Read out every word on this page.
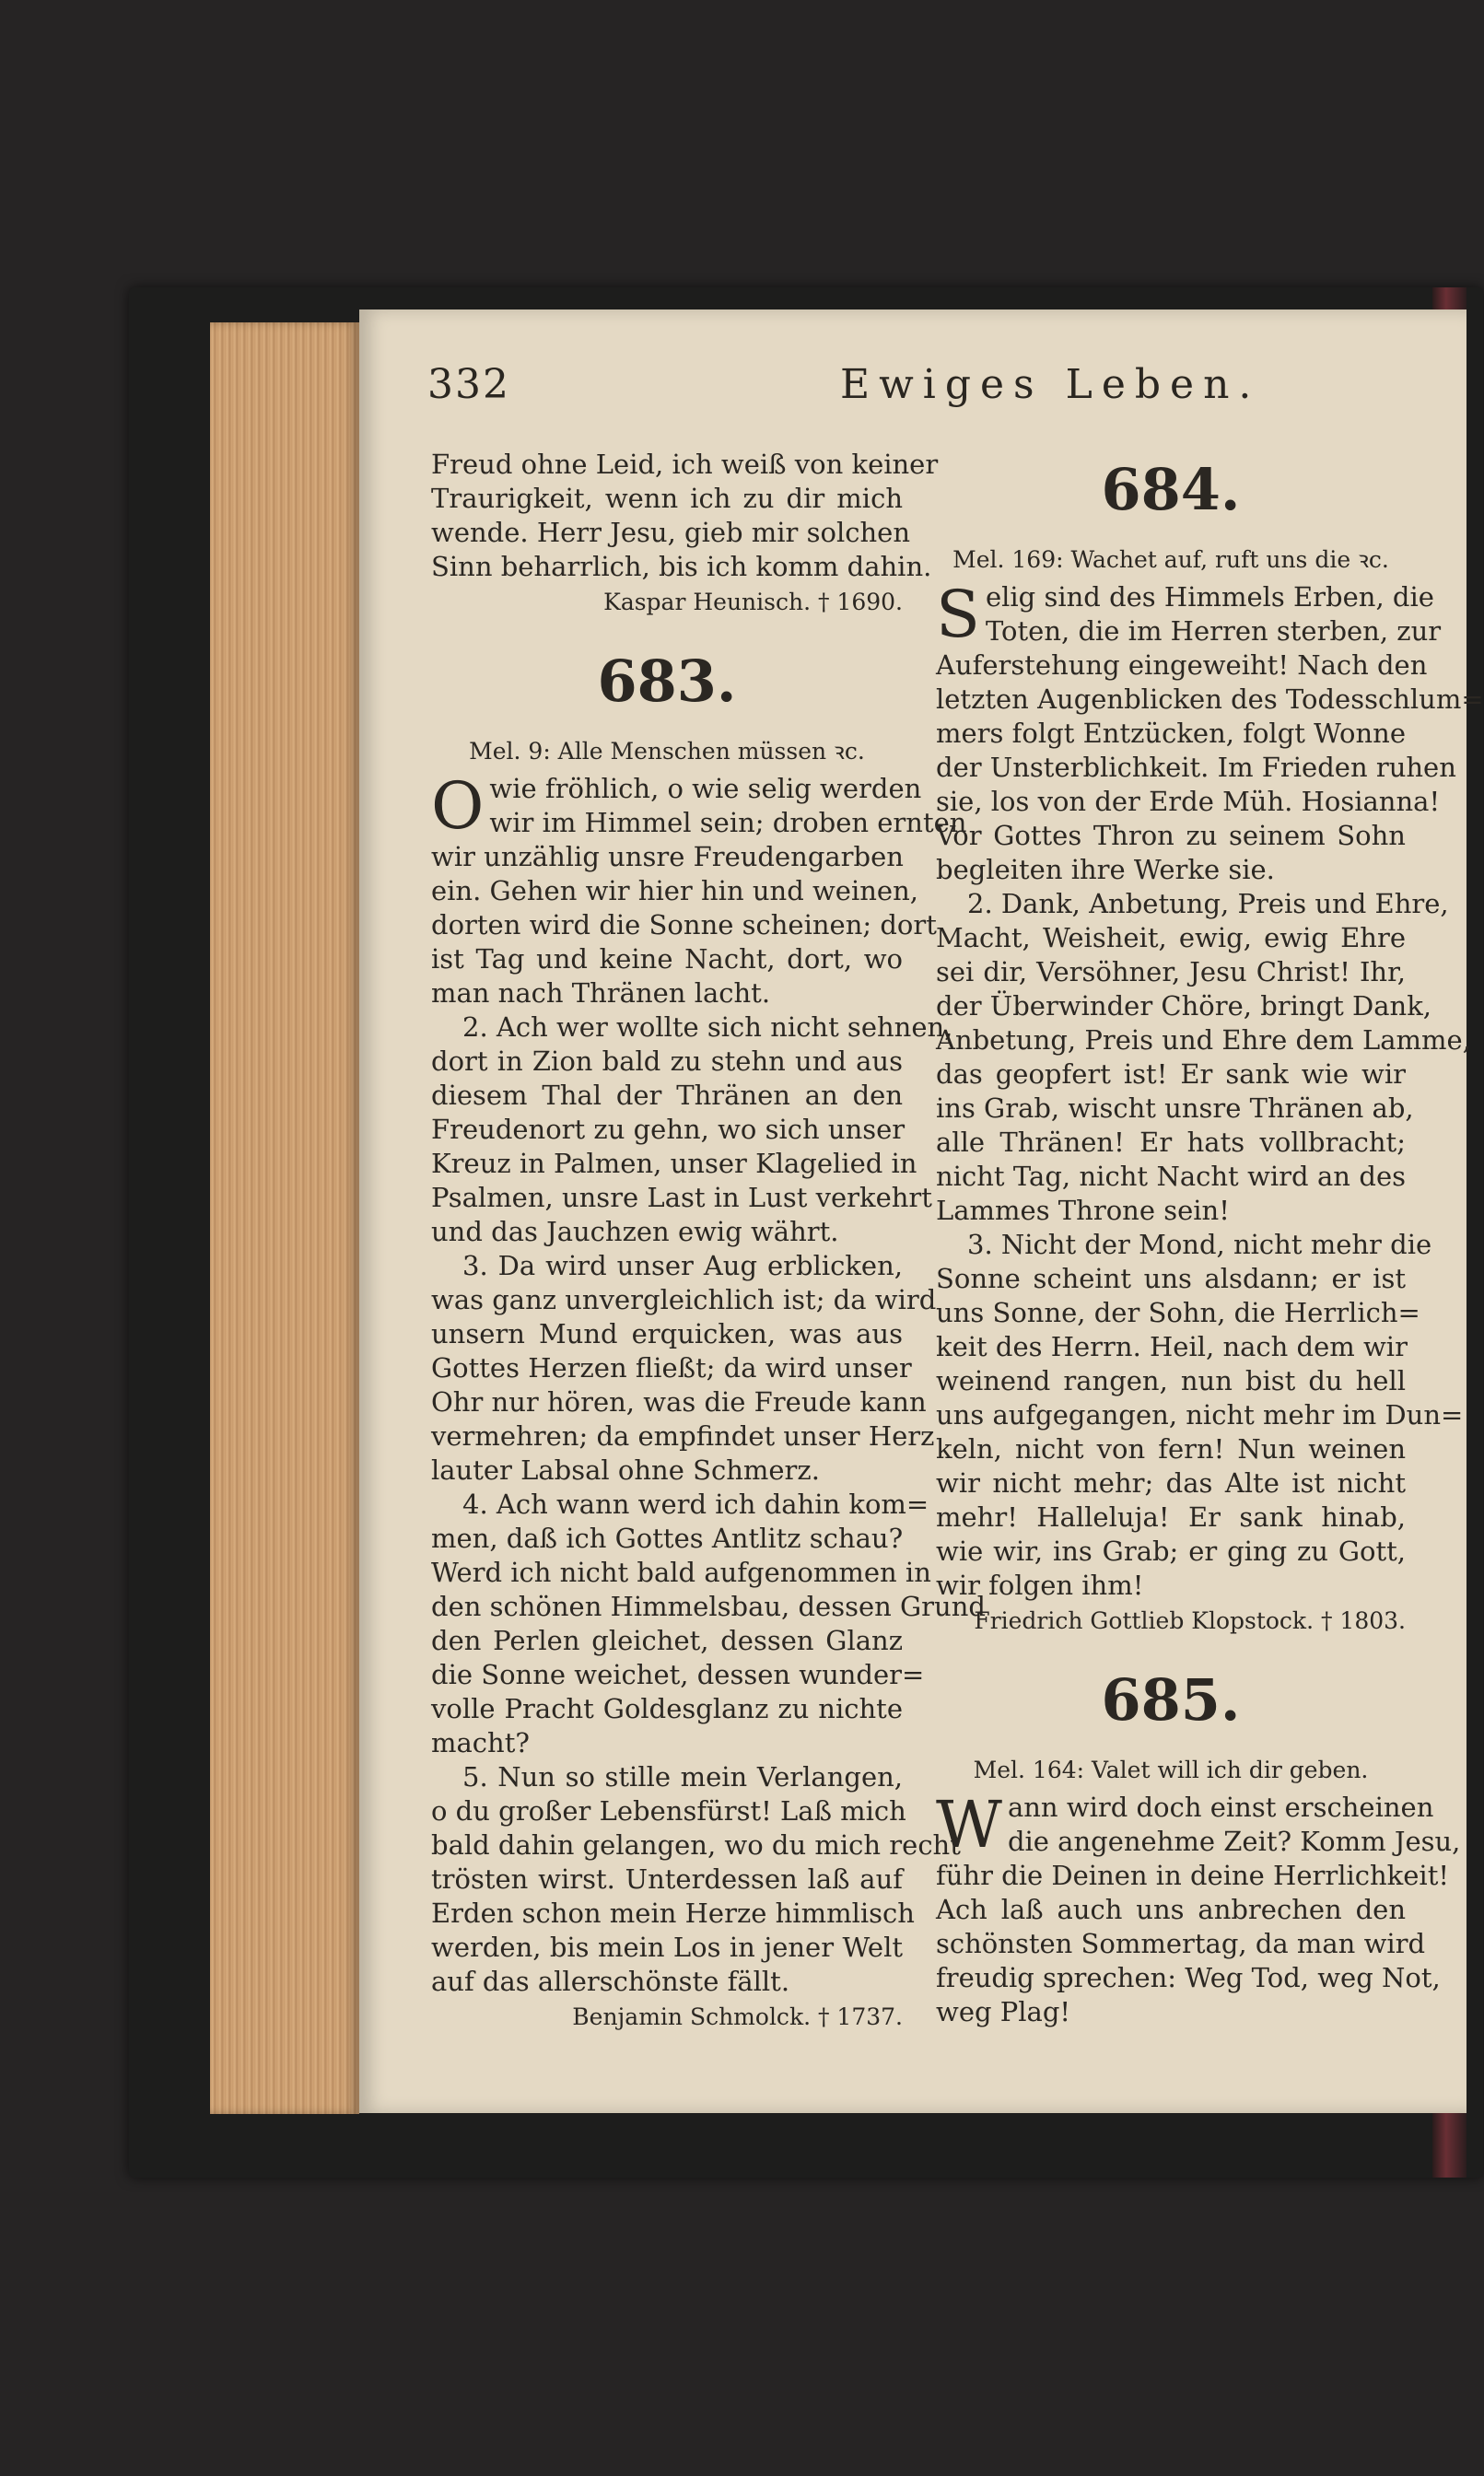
332	Ewiges Leben.
Freud ohne Leid, ich weiß von keiner
Traurigkeit, wenn ich zu dir mich
wende. Herr Jesu, gieb mir solchen
Sinn beharrlich, bis ich komm dahin.
Kaspar Heunisch. † 1690.
683.
Mel. 9: Alle Menschen müssen ꝛc.
O wie fröhlich, o wie selig werden
wir im Himmel sein; droben ernten
wir unzählig unsre Freudengarben
ein. Gehen wir hier hin und weinen,
dorten wird die Sonne scheinen; dort
ist Tag und keine Nacht, dort, wo
man nach Thränen lacht.
2. Ach wer wollte sich nicht sehnen,
dort in Zion bald zu stehn und aus
diesem Thal der Thränen an den
Freudenort zu gehn, wo sich unser
Kreuz in Palmen, unser Klagelied in
Psalmen, unsre Last in Lust verkehrt
und das Jauchzen ewig währt.
3. Da wird unser Aug erblicken,
was ganz unvergleichlich ist; da wird
unsern Mund erquicken, was aus
Gottes Herzen fließt; da wird unser
Ohr nur hören, was die Freude kann
vermehren; da empfindet unser Herz
lauter Labsal ohne Schmerz.
4. Ach wann werd ich dahin kom=
men, daß ich Gottes Antlitz schau?
Werd ich nicht bald aufgenommen in
den schönen Himmelsbau, dessen Grund
den Perlen gleichet, dessen Glanz
die Sonne weichet, dessen wunder=
volle Pracht Goldesglanz zu nichte
macht?
5. Nun so stille mein Verlangen,
o du großer Lebensfürst! Laß mich
bald dahin gelangen, wo du mich recht
trösten wirst. Unterdessen laß auf
Erden schon mein Herze himmlisch
werden, bis mein Los in jener Welt
auf das allerschönste fällt.
Benjamin Schmolck. † 1737.
684.
Mel. 169: Wachet auf, ruft uns die ꝛc.
S elig sind des Himmels Erben, die
Toten, die im Herren sterben, zur
Auferstehung eingeweiht! Nach den
letzten Augenblicken des Todesschlum=
mers folgt Entzücken, folgt Wonne
der Unsterblichkeit. Im Frieden ruhen
sie, los von der Erde Müh. Hosianna!
Vor Gottes Thron zu seinem Sohn
begleiten ihre Werke sie.
2. Dank, Anbetung, Preis und Ehre,
Macht, Weisheit, ewig, ewig Ehre
sei dir, Versöhner, Jesu Christ! Ihr,
der Überwinder Chöre, bringt Dank,
Anbetung, Preis und Ehre dem Lamme,
das geopfert ist! Er sank wie wir
ins Grab, wischt unsre Thränen ab,
alle Thränen! Er hats vollbracht;
nicht Tag, nicht Nacht wird an des
Lammes Throne sein!
3. Nicht der Mond, nicht mehr die
Sonne scheint uns alsdann; er ist
uns Sonne, der Sohn, die Herrlich=
keit des Herrn. Heil, nach dem wir
weinend rangen, nun bist du hell
uns aufgegangen, nicht mehr im Dun=
keln, nicht von fern! Nun weinen
wir nicht mehr; das Alte ist nicht
mehr! Halleluja! Er sank hinab,
wie wir, ins Grab; er ging zu Gott,
wir folgen ihm!
Friedrich Gottlieb Klopstock. † 1803.
685.
Mel. 164: Valet will ich dir geben.
W ann wird doch einst erscheinen
die angenehme Zeit? Komm Jesu,
führ die Deinen in deine Herrlichkeit!
Ach laß auch uns anbrechen den
schönsten Sommertag, da man wird
freudig sprechen: Weg Tod, weg Not,
weg Plag!
